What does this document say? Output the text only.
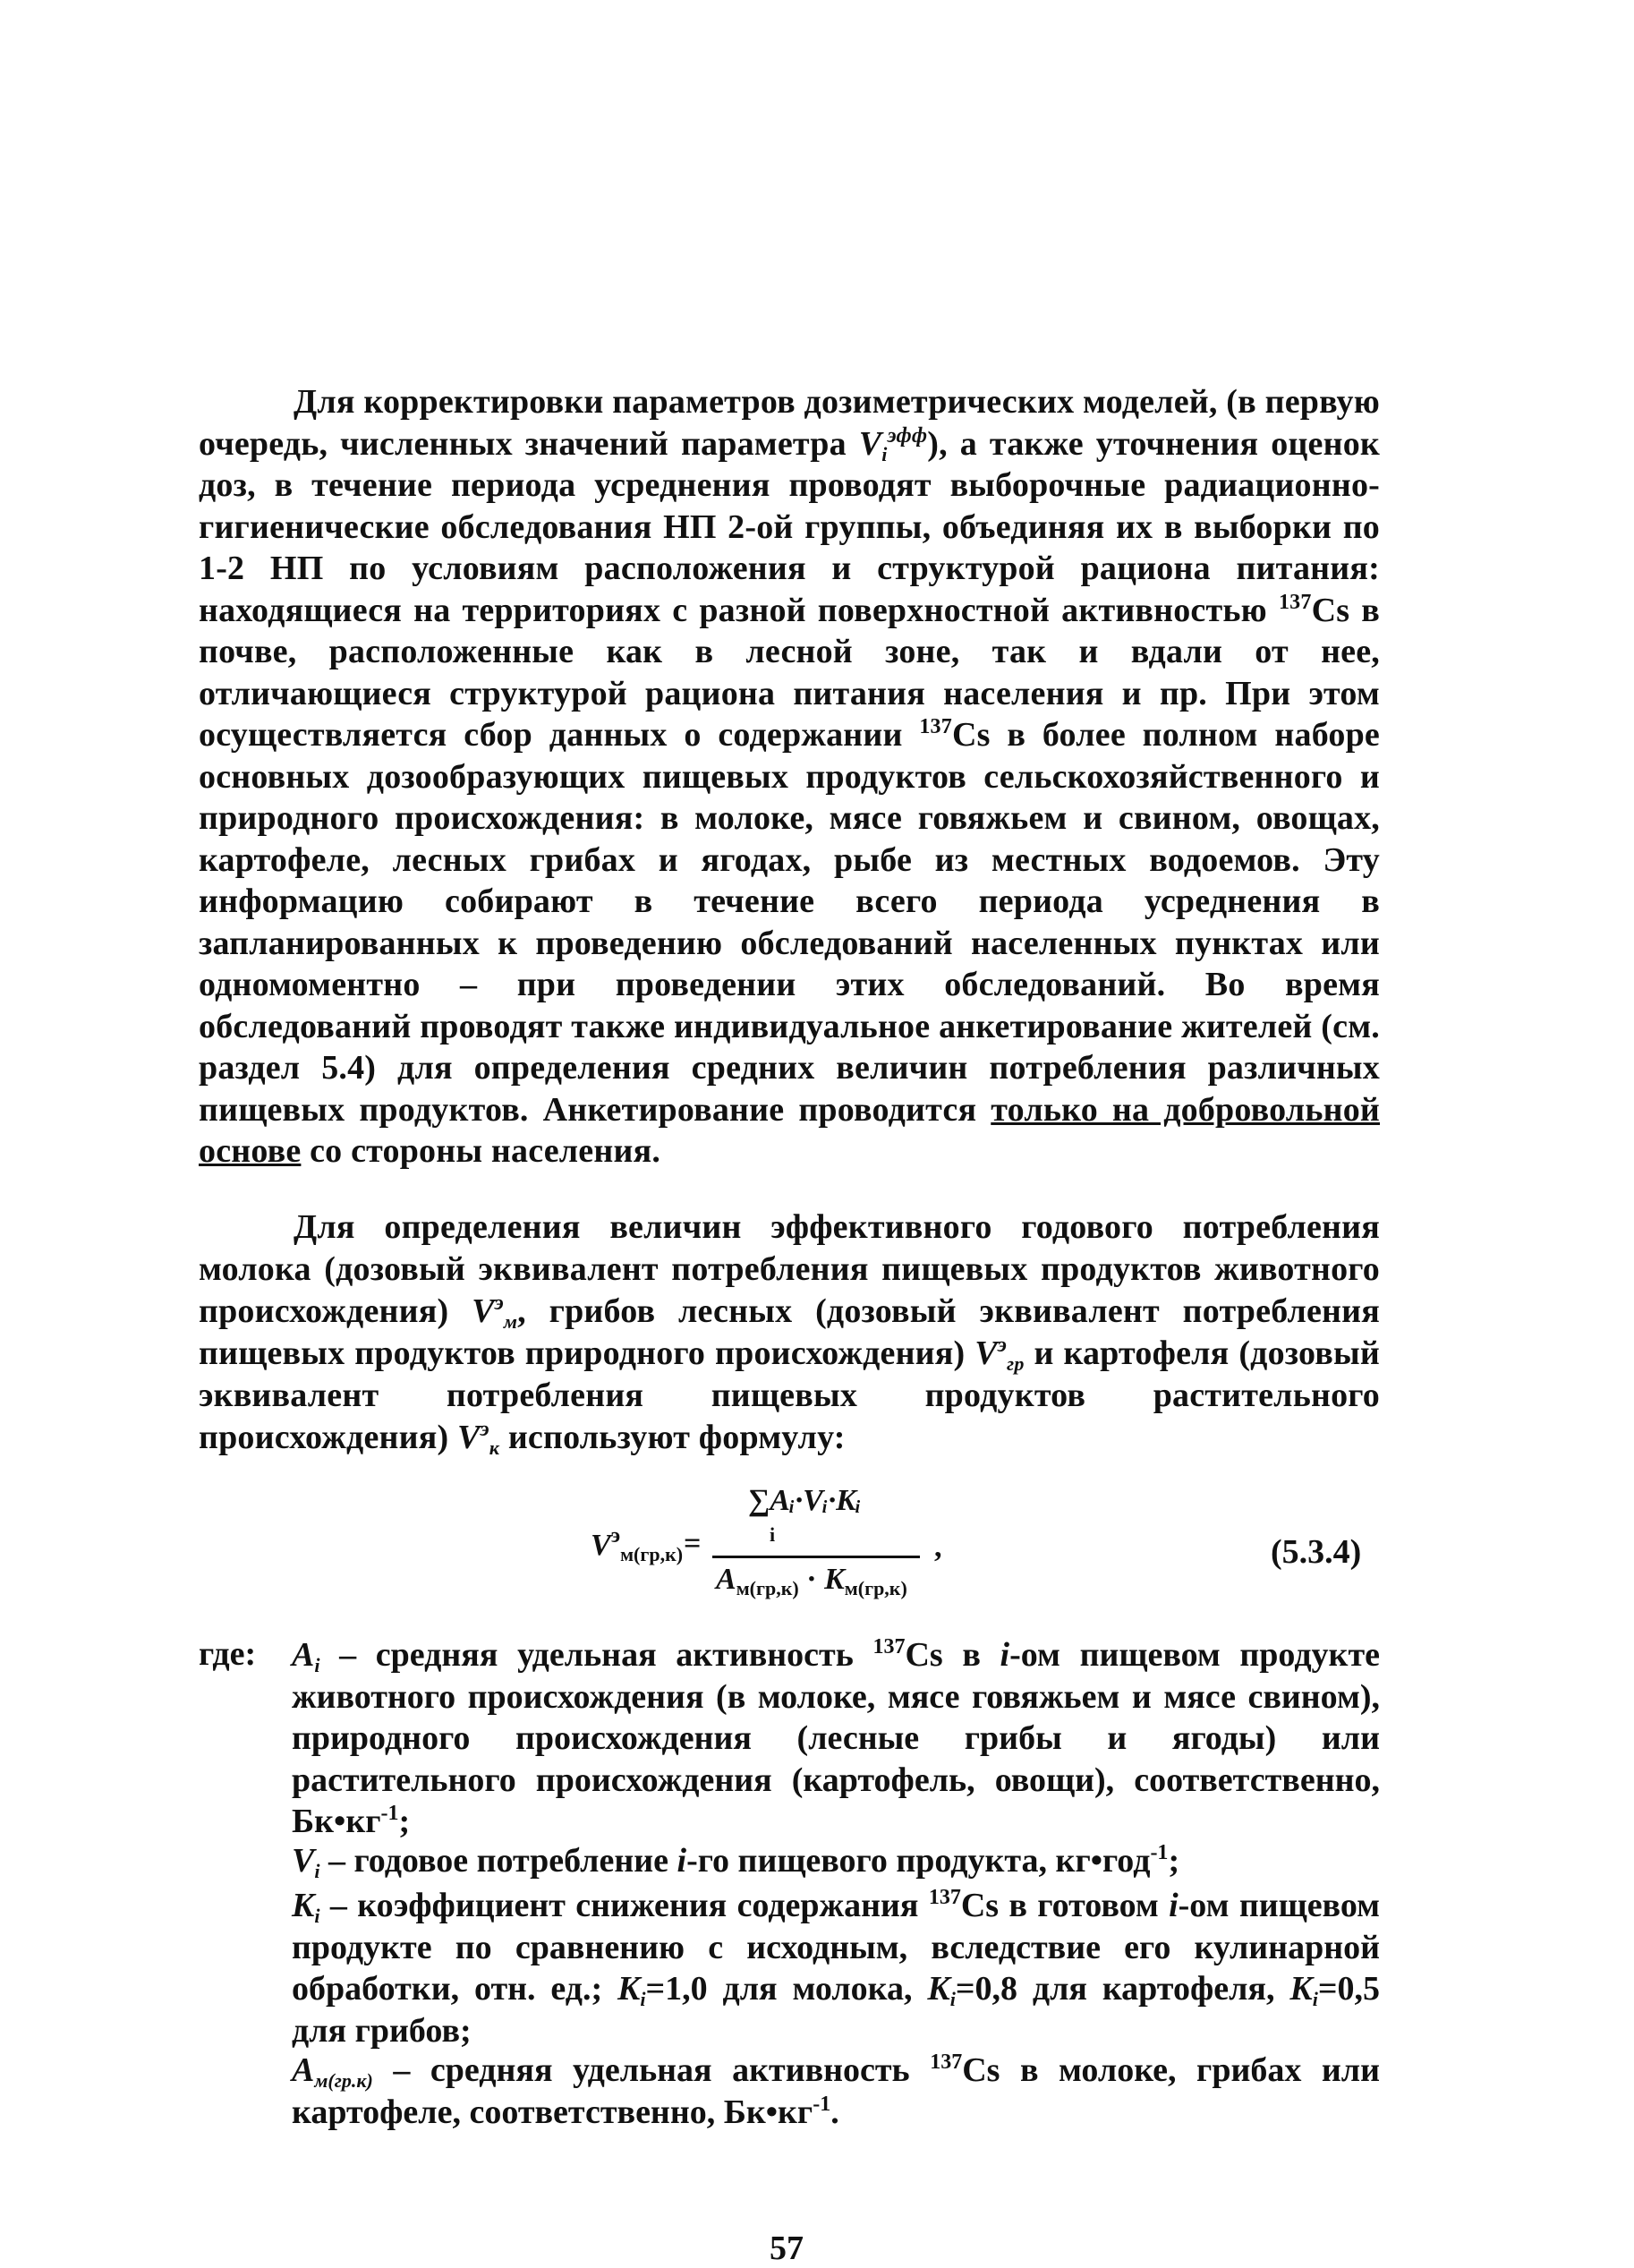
Для корректировки параметров дозиметрических моделей, (в первую очередь, численных значений параметра $V_i^{эфф}$), а также уточнения оценок доз, в течение периода усреднения проводят выборочные радиационно-гигиенические обследования НП 2-ой группы, объединяя их в выборки по 1-2 НП по условиям расположения и структурой рациона питания: находящиеся на территориях с разной поверхностной активностью $^{137}$Cs в почве, расположенные как в лесной зоне, так и вдали от нее, отличающиеся структурой рациона питания населения и пр. При этом осуществляется сбор данных о содержании $^{137}$Cs в более полном наборе основных дозообразующих пищевых продуктов сельскохозяйственного и природного происхождения: в молоке, мясе говяжьем и свином, овощах, картофеле, лесных грибах и ягодах, рыбе из местных водоемов. Эту информацию собирают в течение всего периода усреднения в запланированных к проведению обследований населенных пунктах или одномоментно – при проведении этих обследований. Во время обследований проводят также индивидуальное анкетирование жителей (см. раздел 5.4) для определения средних величин потребления различных пищевых продуктов. Анкетирование проводится только на добровольной основе со стороны населения.
Для определения величин эффективного годового потребления молока (дозовый эквивалент потребления пищевых продуктов животного происхождения) $V^э_м$, грибов лесных (дозовый эквивалент потребления пищевых продуктов природного происхождения) $V^э_{гр}$ и картофеля (дозовый эквивалент потребления пищевых продуктов растительного происхождения) $V^э_к$ используют формулу:
$V^э_{м(гр,к)}$ =
∑Aᵢ·Vᵢ·Kᵢ
i
$A_{м(гр,к)} \cdot K_{м(гр,к)}$
,	(5.3.4)
где: $A_i$ – средняя удельная активность $^{137}$Cs в i-ом пищевом продукте животного происхождения (в молоке, мясе говяжьем и мясе свином), природного происхождения (лесные грибы и ягоды) или растительного происхождения (картофель, овощи), соответственно, $Бк•кг^{-1}$;
$V_i$ – годовое потребление i-го пищевого продукта, кг•год$^{-1}$;
$K_i$ – коэффициент снижения содержания $^{137}$Cs в готовом i-ом пищевом продукте по сравнению с исходным, вследствие его кулинарной обработки, отн. ед.; $K_i=1,0$ для молока, $K_i=0,8$ для картофеля, $K_i=0,5$ для грибов;
$A_{м(гр.к)}$ – средняя удельная активность $^{137}$Cs в молоке, грибах или картофеле, соответственно, $Бк•кг^{-1}$.
57
